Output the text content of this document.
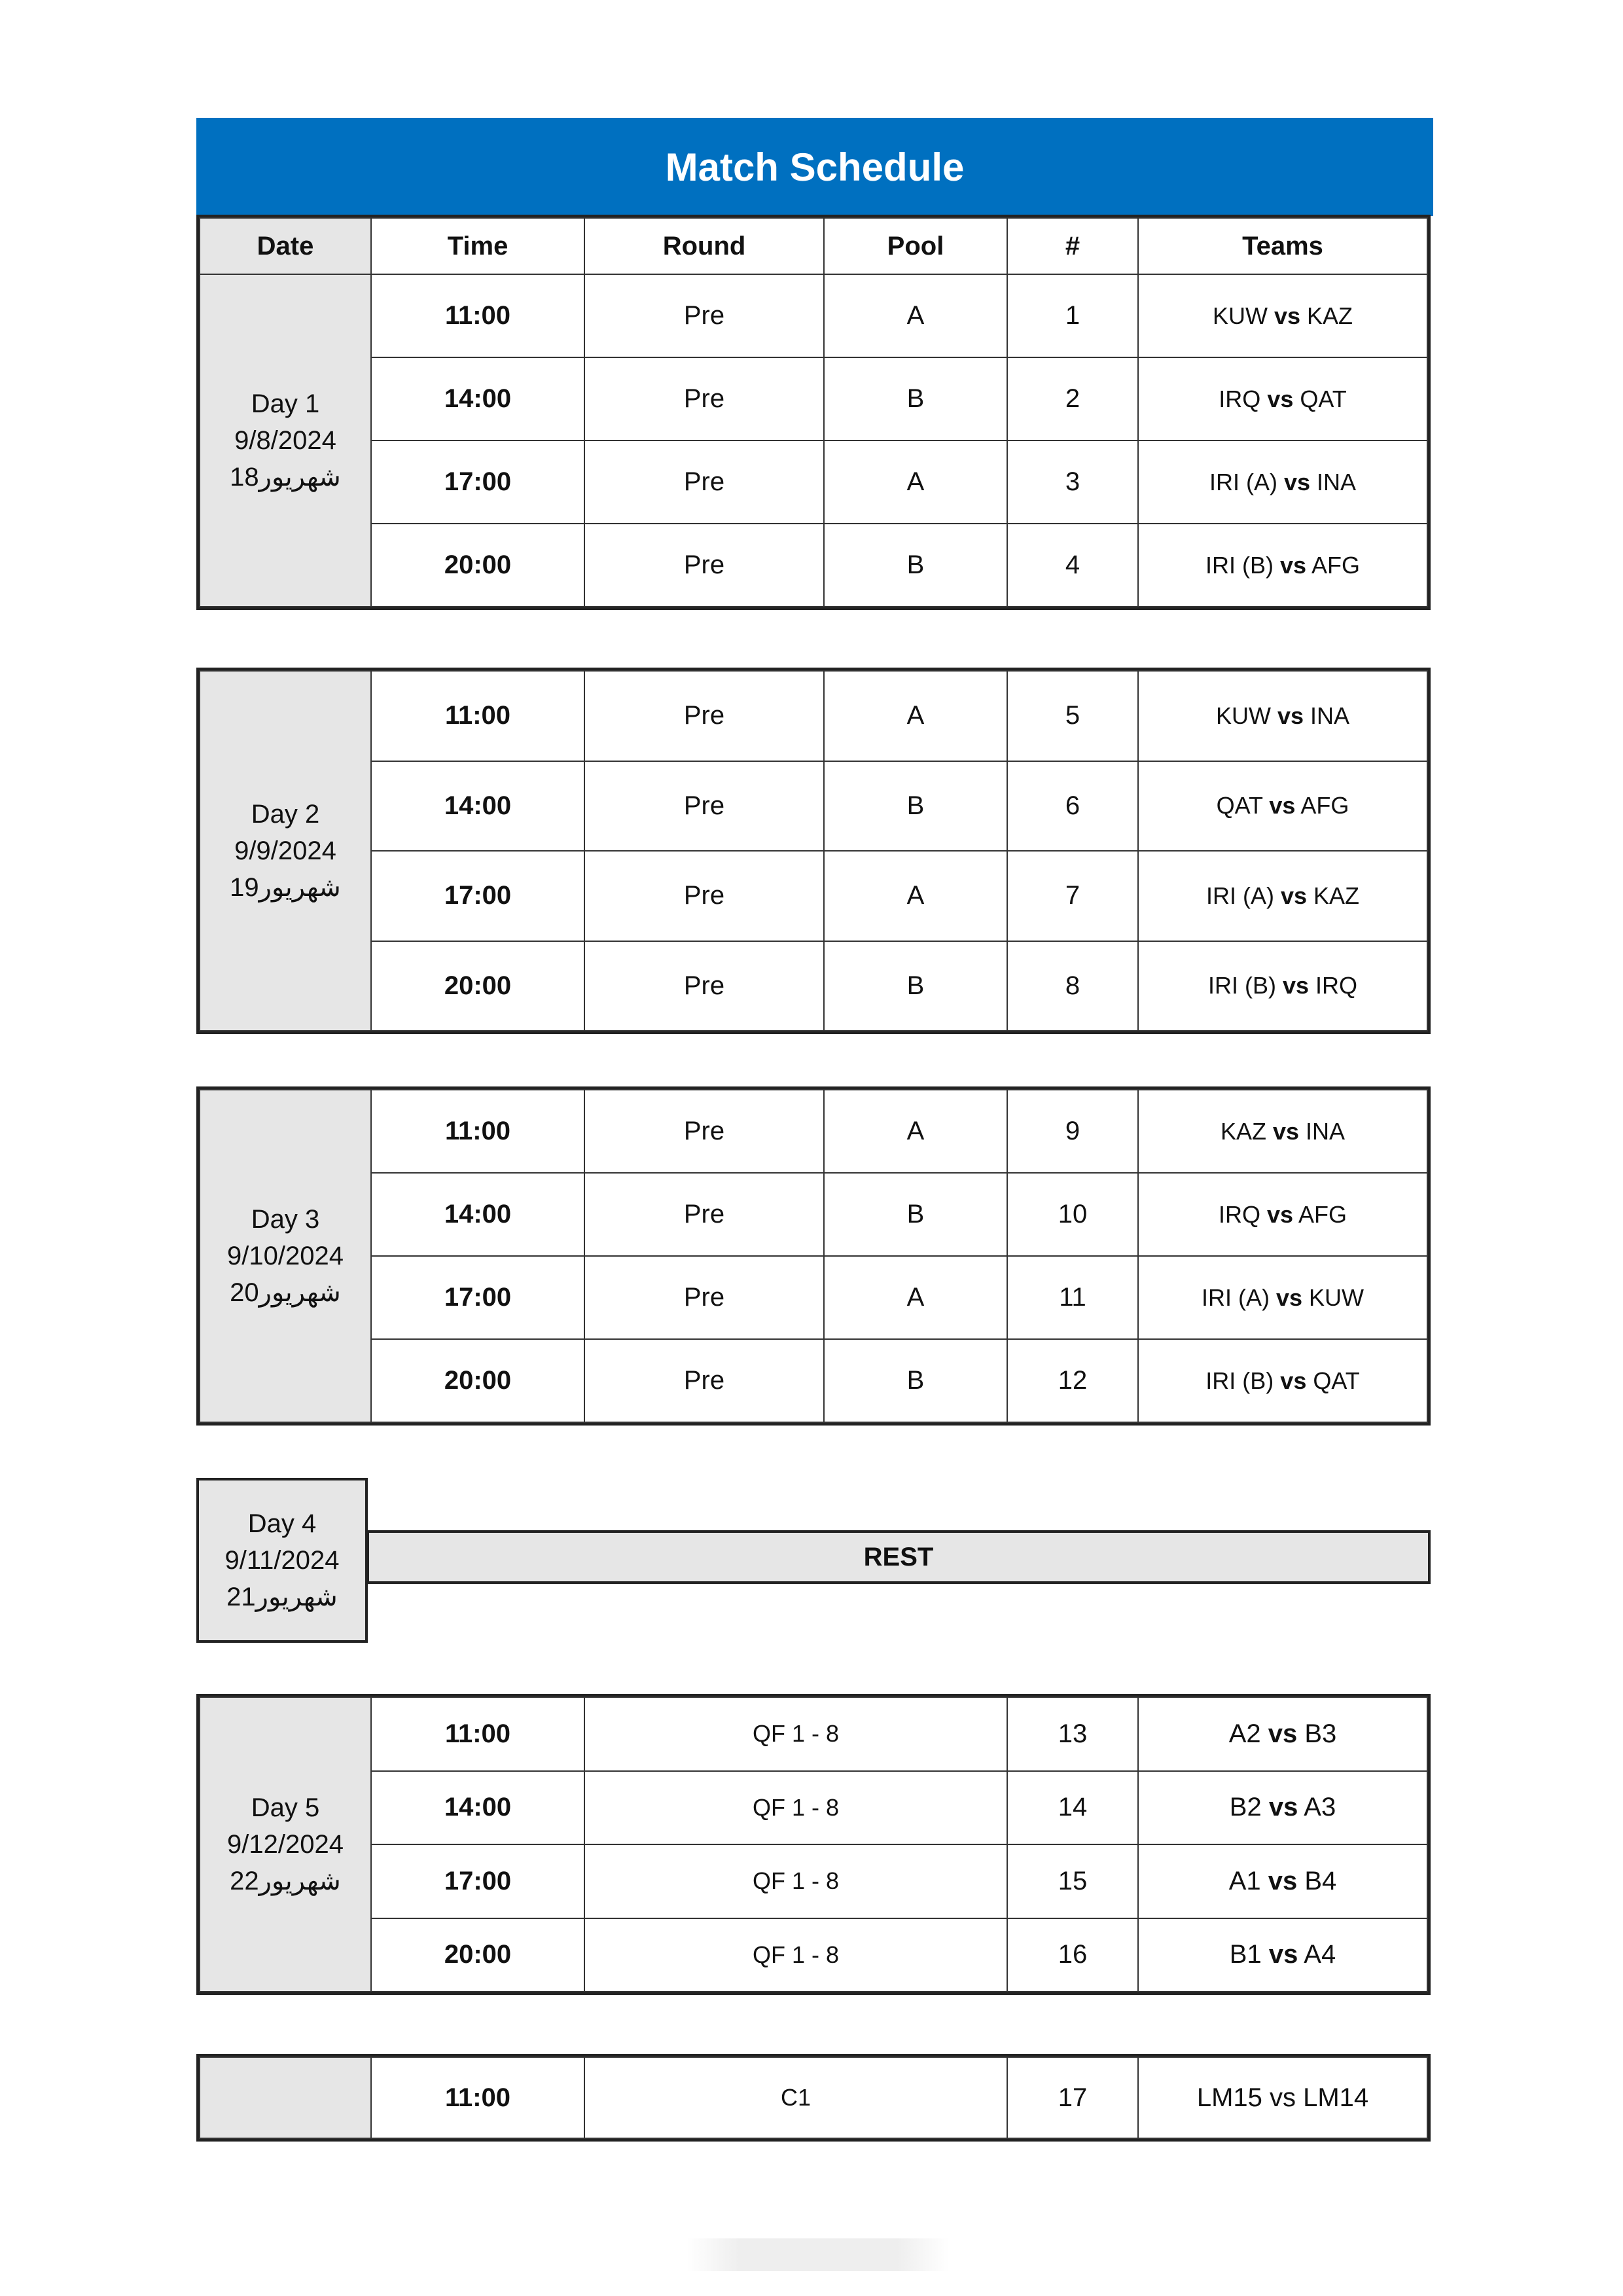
Match Schedule
Date	Time	Round	Pool	#	Teams

Day 1
9/8/2024
18شهریور	11:00	Pre	A	1	KUW vs KAZ
	14:00	Pre	B	2	IRQ vs QAT
	17:00	Pre	A	3	IRI (A) vs INA
	20:00	Pre	B	4	IRI (B) vs AFG
Day 2
9/9/2024
19شهریور	11:00	Pre	A	5	KUW vs INA
	14:00	Pre	B	6	QAT vs AFG
	17:00	Pre	A	7	IRI (A) vs KAZ
	20:00	Pre	B	8	IRI (B) vs IRQ
Day 3
9/10/2024
20شهریور	11:00	Pre	A	9	KAZ vs INA
	14:00	Pre	B	10	IRQ vs AFG
	17:00	Pre	A	11	IRI (A) vs KUW
	20:00	Pre	B	12	IRI (B) vs QAT
Day 4
9/11/2024
21شهریور
REST
Day 5
9/12/2024
22شهریور	11:00	QF 1 - 8	13	A2 vs B3
	14:00	QF 1 - 8	14	B2 vs A3
	17:00	QF 1 - 8	15	A1 vs B4
	20:00	QF 1 - 8	16	B1 vs A4
	11:00	C1	17	LM15 vs LM14
